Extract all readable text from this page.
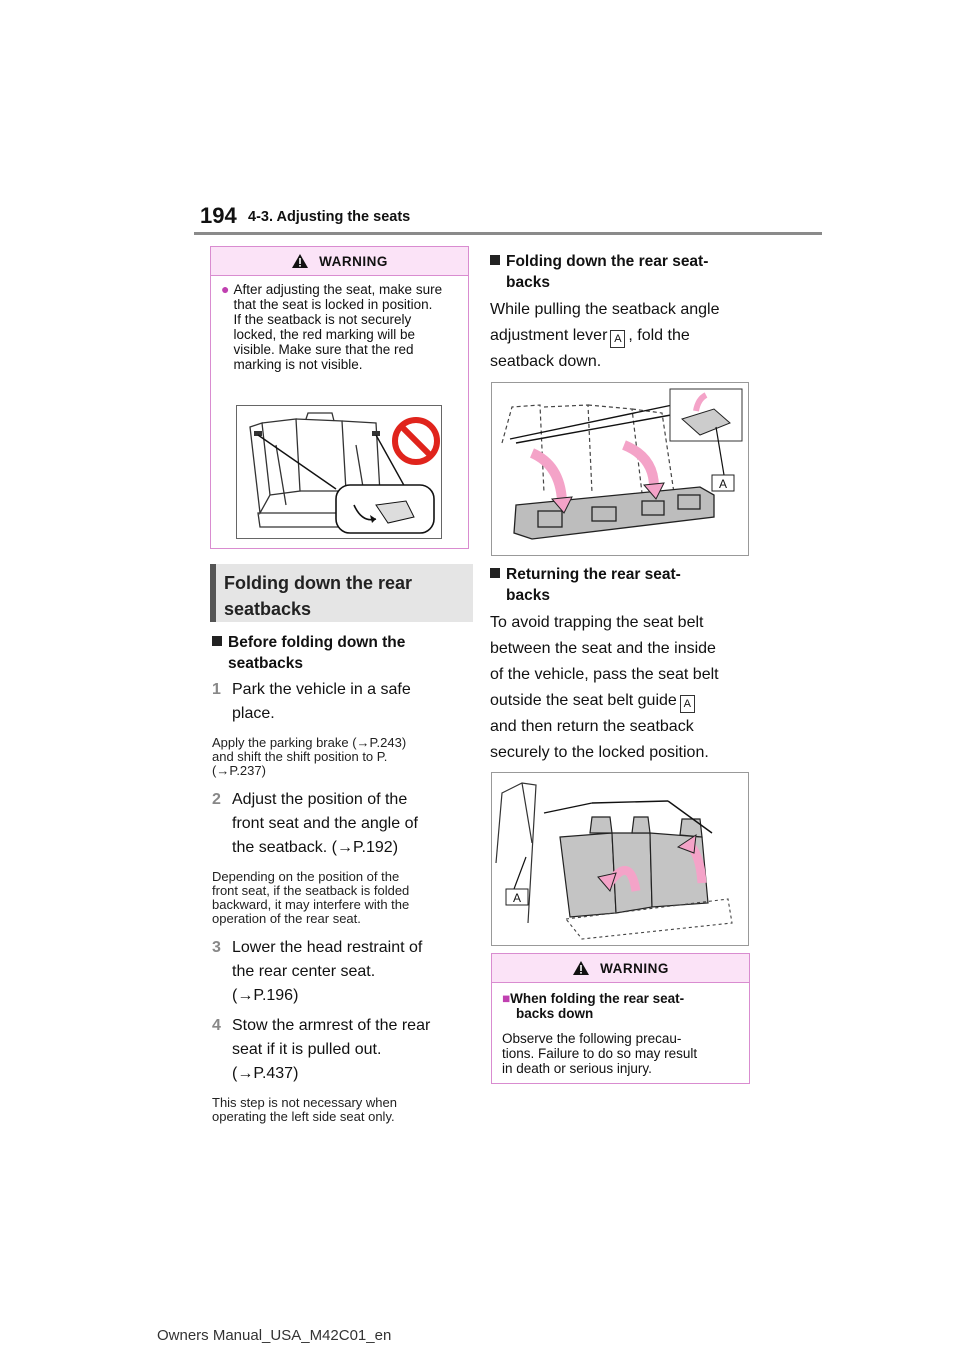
194 4-3. Adjusting the seats
WARNING
● After adjusting the seat, make sure that the seat is locked in position.
If the seatback is not securely locked, the red marking will be visible. Make sure that the red marking is not visible.
Folding down the rear
seatbacks
Before folding down the
seatbacks
1 Park the vehicle in a safe
place.
Apply the parking brake (→P.243)
and shift the shift position to P.
(→P.237)
2 Adjust the position of the
front seat and the angle of
the seatback. (→P.192)
Depending on the position of the
front seat, if the seatback is folded
backward, it may interfere with the
operation of the rear seat.
3 Lower the head restraint of
the rear center seat.
(→P.196)
4 Stow the armrest of the rear
seat if it is pulled out.
(→P.437)
This step is not necessary when
operating the left side seat only.
Folding down the rear seat-
backs
While pulling the seatback angle
adjustment lever A , fold the
seatback down.
A
Returning the rear seat-
backs
To avoid trapping the seat belt
between the seat and the inside
of the vehicle, pass the seat belt
outside the seat belt guide A
and then return the seatback
securely to the locked position.
A
WARNING
■When folding the rear seat-
backs down
Observe the following precau-
tions. Failure to do so may result
in death or serious injury.
Owners Manual_USA_M42C01_en
